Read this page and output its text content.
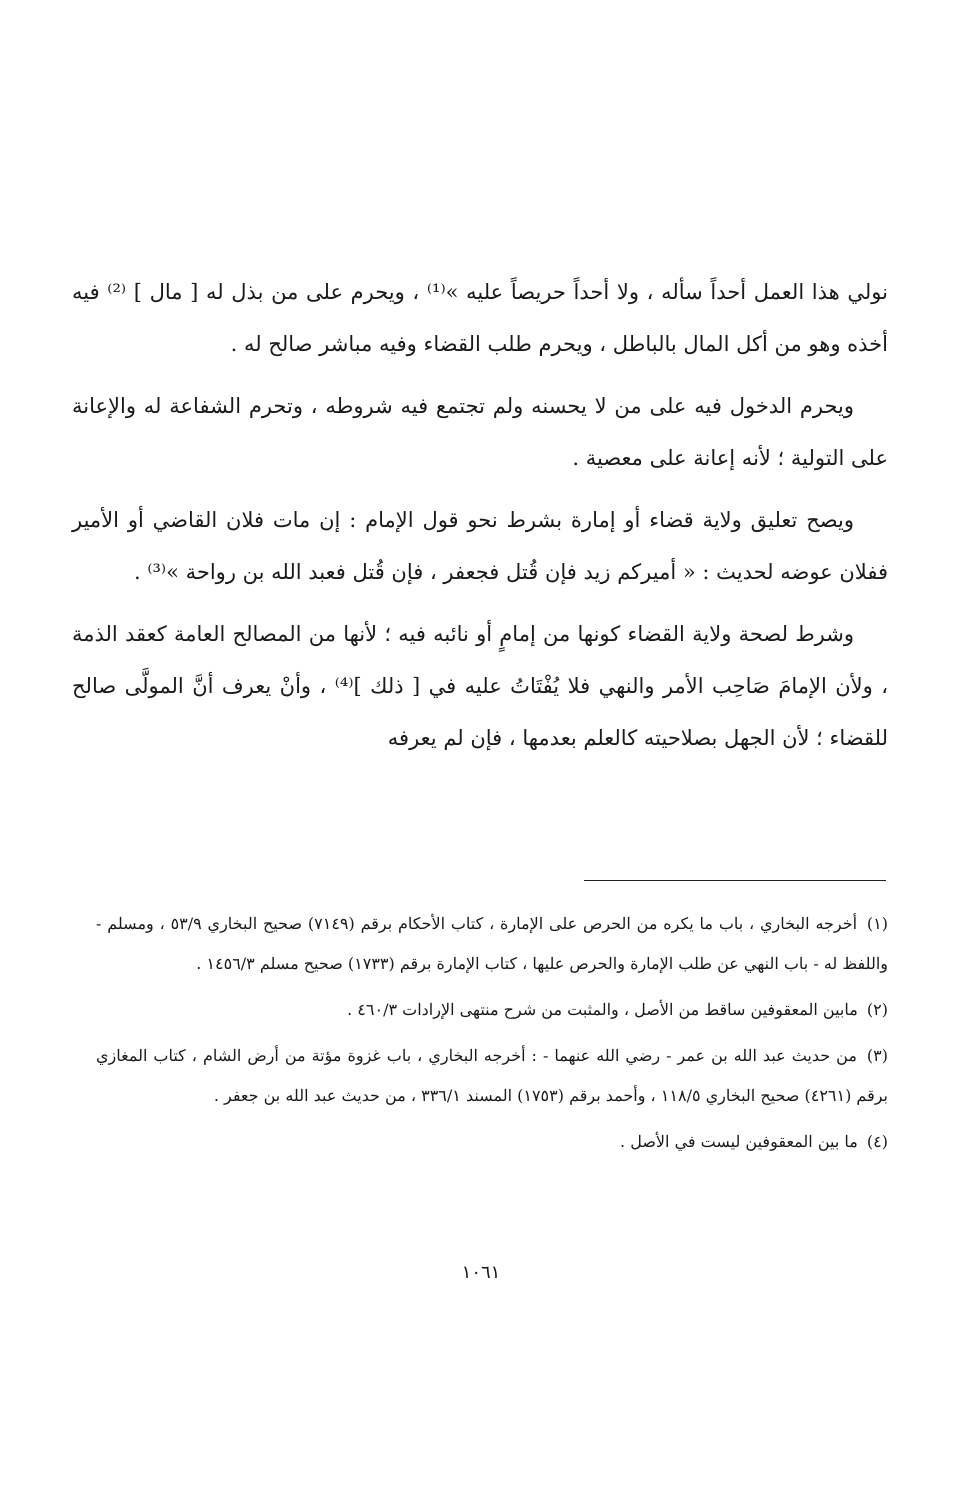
نولي هذا العمل أحداً سأله ، ولا أحداً حريصاً عليه »⁽¹⁾ ، ويحرم على من بذل له [ مال ] ⁽²⁾ فيه أخذه وهو من أكل المال بالباطل ، ويحرم طلب القضاء وفيه مباشر صالح له .

ويحرم الدخول فيه على من لا يحسنه ولم تجتمع فيه شروطه ، وتحرم الشفاعة له والإعانة على التولية ؛ لأنه إعانة على معصية .

ويصح تعليق ولاية قضاء أو إمارة بشرط نحو قول الإمام : إن مات فلان القاضي أو الأمير ففلان عوضه لحديث : « أميركم زيد فإن قُتل فجعفر ، فإن قُتل فعبد الله بن رواحة »⁽³⁾ .

وشرط لصحة ولاية القضاء كونها من إمامٍ أو نائبه فيه ؛ لأنها من المصالح العامة كعقد الذمة ، ولأن الإمامَ صَاحِب الأمر والنهي فلا يُفْتَاتُ عليه في [ ذلك ]⁽⁴⁾ ، وأنْ يعرف أنَّ المولَّى صالح للقضاء ؛ لأن الجهل بصلاحيته كالعلم بعدمها ، فإن لم يعرفه

(١) أخرجه البخاري ، باب ما يكره من الحرص على الإمارة ، كتاب الأحكام برقم (٧١٤٩) صحيح البخاري ٥٣/٩ ، ومسلم - واللفظ له - باب النهي عن طلب الإمارة والحرص عليها ، كتاب الإمارة برقم (١٧٣٣) صحيح مسلم ١٤٥٦/٣ .

(٢) مابين المعقوفين ساقط من الأصل ، والمثبت من شرح منتهى الإرادات ٤٦٠/٣ .

(٣) من حديث عبد الله بن عمر - رضي الله عنهما - : أخرجه البخاري ، باب غزوة مؤتة من أرض الشام ، كتاب المغازي برقم (٤٢٦١) صحيح البخاري ١١٨/٥ ، وأحمد برقم (١٧٥٣) المسند ٣٣٦/١ ، من حديث عبد الله بن جعفر .

(٤) ما بين المعقوفين ليست في الأصل .

١٠٦١
